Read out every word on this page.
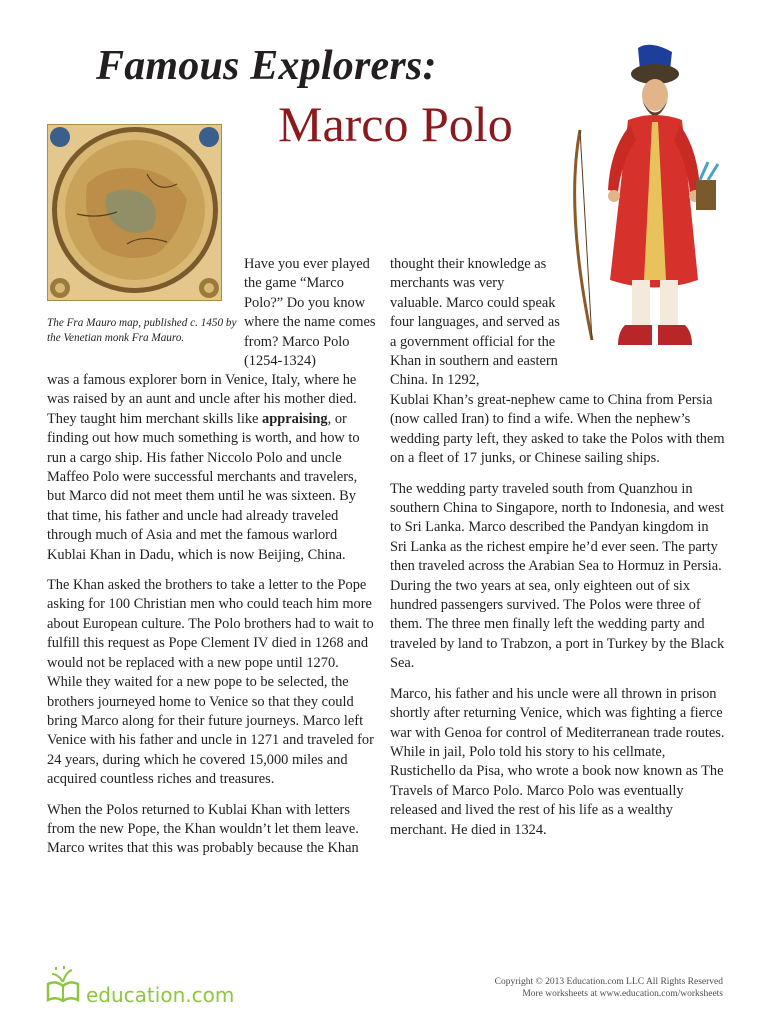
Famous Explorers:
Marco Polo
The Fra Mauro map, published c. 1450 by the Venetian monk Fra Mauro.

Have you ever played the game “Marco Polo?” Do you know where the name comes from? Marco Polo (1254-1324)

was a famous explorer born in Venice, Italy, where he was raised by an aunt and uncle after his mother died. They taught him merchant skills like appraising, or finding out how much something is worth, and how to run a cargo ship. His father Niccolo Polo and uncle Maffeo Polo were successful merchants and travelers, but Marco did not meet them until he was sixteen. By that time, his father and uncle had already traveled through much of Asia and met the famous warlord Kublai Khan in Dadu, which is now Beijing, China.

The Khan asked the brothers to take a letter to the Pope asking for 100 Christian men who could teach him more about European culture. The Polo brothers had to wait to fulfill this request as Pope Clement IV died in 1268 and would not be replaced with a new pope until 1270. While they waited for a new pope to be selected, the brothers journeyed home to Venice so that they could bring Marco along for their future journeys. Marco left Venice with his father and uncle in 1271 and traveled for 24 years, during which he covered 15,000 miles and acquired countless riches and treasures.

When the Polos returned to Kublai Khan with letters from the new Pope, the Khan wouldn’t let them leave. Marco writes that this was probably because the Khan

thought their knowledge as merchants was very valuable. Marco could speak four languages, and served as a government official for the Khan in southern and eastern China. In 1292,

Kublai Khan’s great-nephew came to China from Persia (now called Iran) to find a wife. When the nephew’s wedding party left, they asked to take the Polos with them on a fleet of 17 junks, or Chinese sailing ships.

The wedding party traveled south from Quanzhou in southern China to Singapore, north to Indonesia, and west to Sri Lanka. Marco described the Pandyan kingdom in Sri Lanka as the richest empire he’d ever seen. The party then traveled across the Arabian Sea to Hormuz in Persia. During the two years at sea, only eighteen out of six hundred passengers survived. The Polos were three of them. The three men finally left the wedding party and traveled by land to Trabzon, a port in Turkey by the Black Sea.

Marco, his father and his uncle were all thrown in prison shortly after returning Venice, which was fighting a fierce war with Genoa for control of Mediterranean trade routes. While in jail, Polo told his story to his cellmate, Rustichello da Pisa, who wrote a book now known as The Travels of Marco Polo. Marco Polo was eventually released and lived the rest of his life as a wealthy merchant. He died in 1324.

education.com
Copyright © 2013 Education.com LLC All Rights Reserved
More worksheets at www.education.com/worksheets
